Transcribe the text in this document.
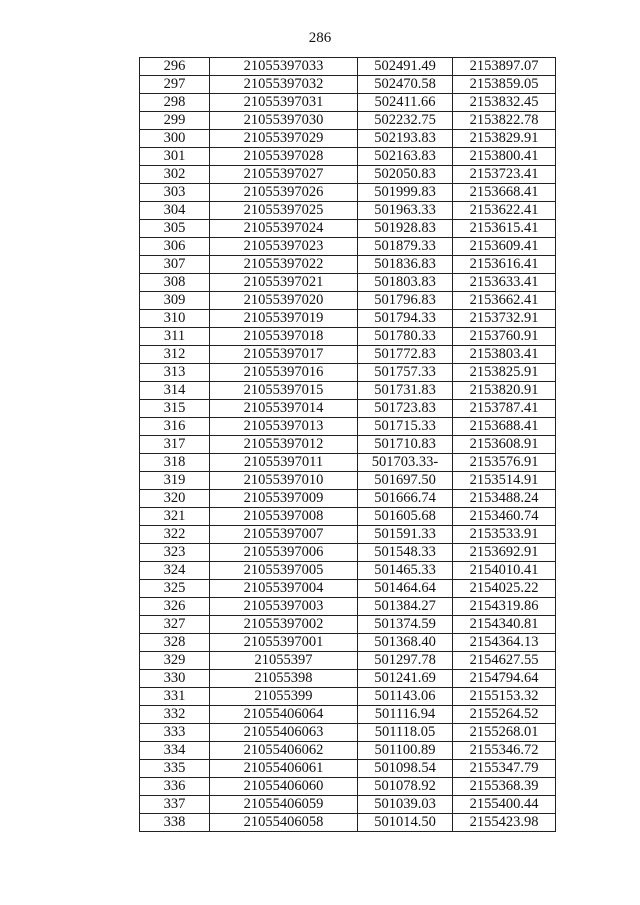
286
296	21055397033	502491.49	2153897.07
297	21055397032	502470.58	2153859.05
298	21055397031	502411.66	2153832.45
299	21055397030	502232.75	2153822.78
300	21055397029	502193.83	2153829.91
301	21055397028	502163.83	2153800.41
302	21055397027	502050.83	2153723.41
303	21055397026	501999.83	2153668.41
304	21055397025	501963.33	2153622.41
305	21055397024	501928.83	2153615.41
306	21055397023	501879.33	2153609.41
307	21055397022	501836.83	2153616.41
308	21055397021	501803.83	2153633.41
309	21055397020	501796.83	2153662.41
310	21055397019	501794.33	2153732.91
311	21055397018	501780.33	2153760.91
312	21055397017	501772.83	2153803.41
313	21055397016	501757.33	2153825.91
314	21055397015	501731.83	2153820.91
315	21055397014	501723.83	2153787.41
316	21055397013	501715.33	2153688.41
317	21055397012	501710.83	2153608.91
318	21055397011	501703.33-	2153576.91
319	21055397010	501697.50	2153514.91
320	21055397009	501666.74	2153488.24
321	21055397008	501605.68	2153460.74
322	21055397007	501591.33	2153533.91
323	21055397006	501548.33	2153692.91
324	21055397005	501465.33	2154010.41
325	21055397004	501464.64	2154025.22
326	21055397003	501384.27	2154319.86
327	21055397002	501374.59	2154340.81
328	21055397001	501368.40	2154364.13
329	21055397	501297.78	2154627.55
330	21055398	501241.69	2154794.64
331	21055399	501143.06	2155153.32
332	21055406064	501116.94	2155264.52
333	21055406063	501118.05	2155268.01
334	21055406062	501100.89	2155346.72
335	21055406061	501098.54	2155347.79
336	21055406060	501078.92	2155368.39
337	21055406059	501039.03	2155400.44
338	21055406058	501014.50	2155423.98
